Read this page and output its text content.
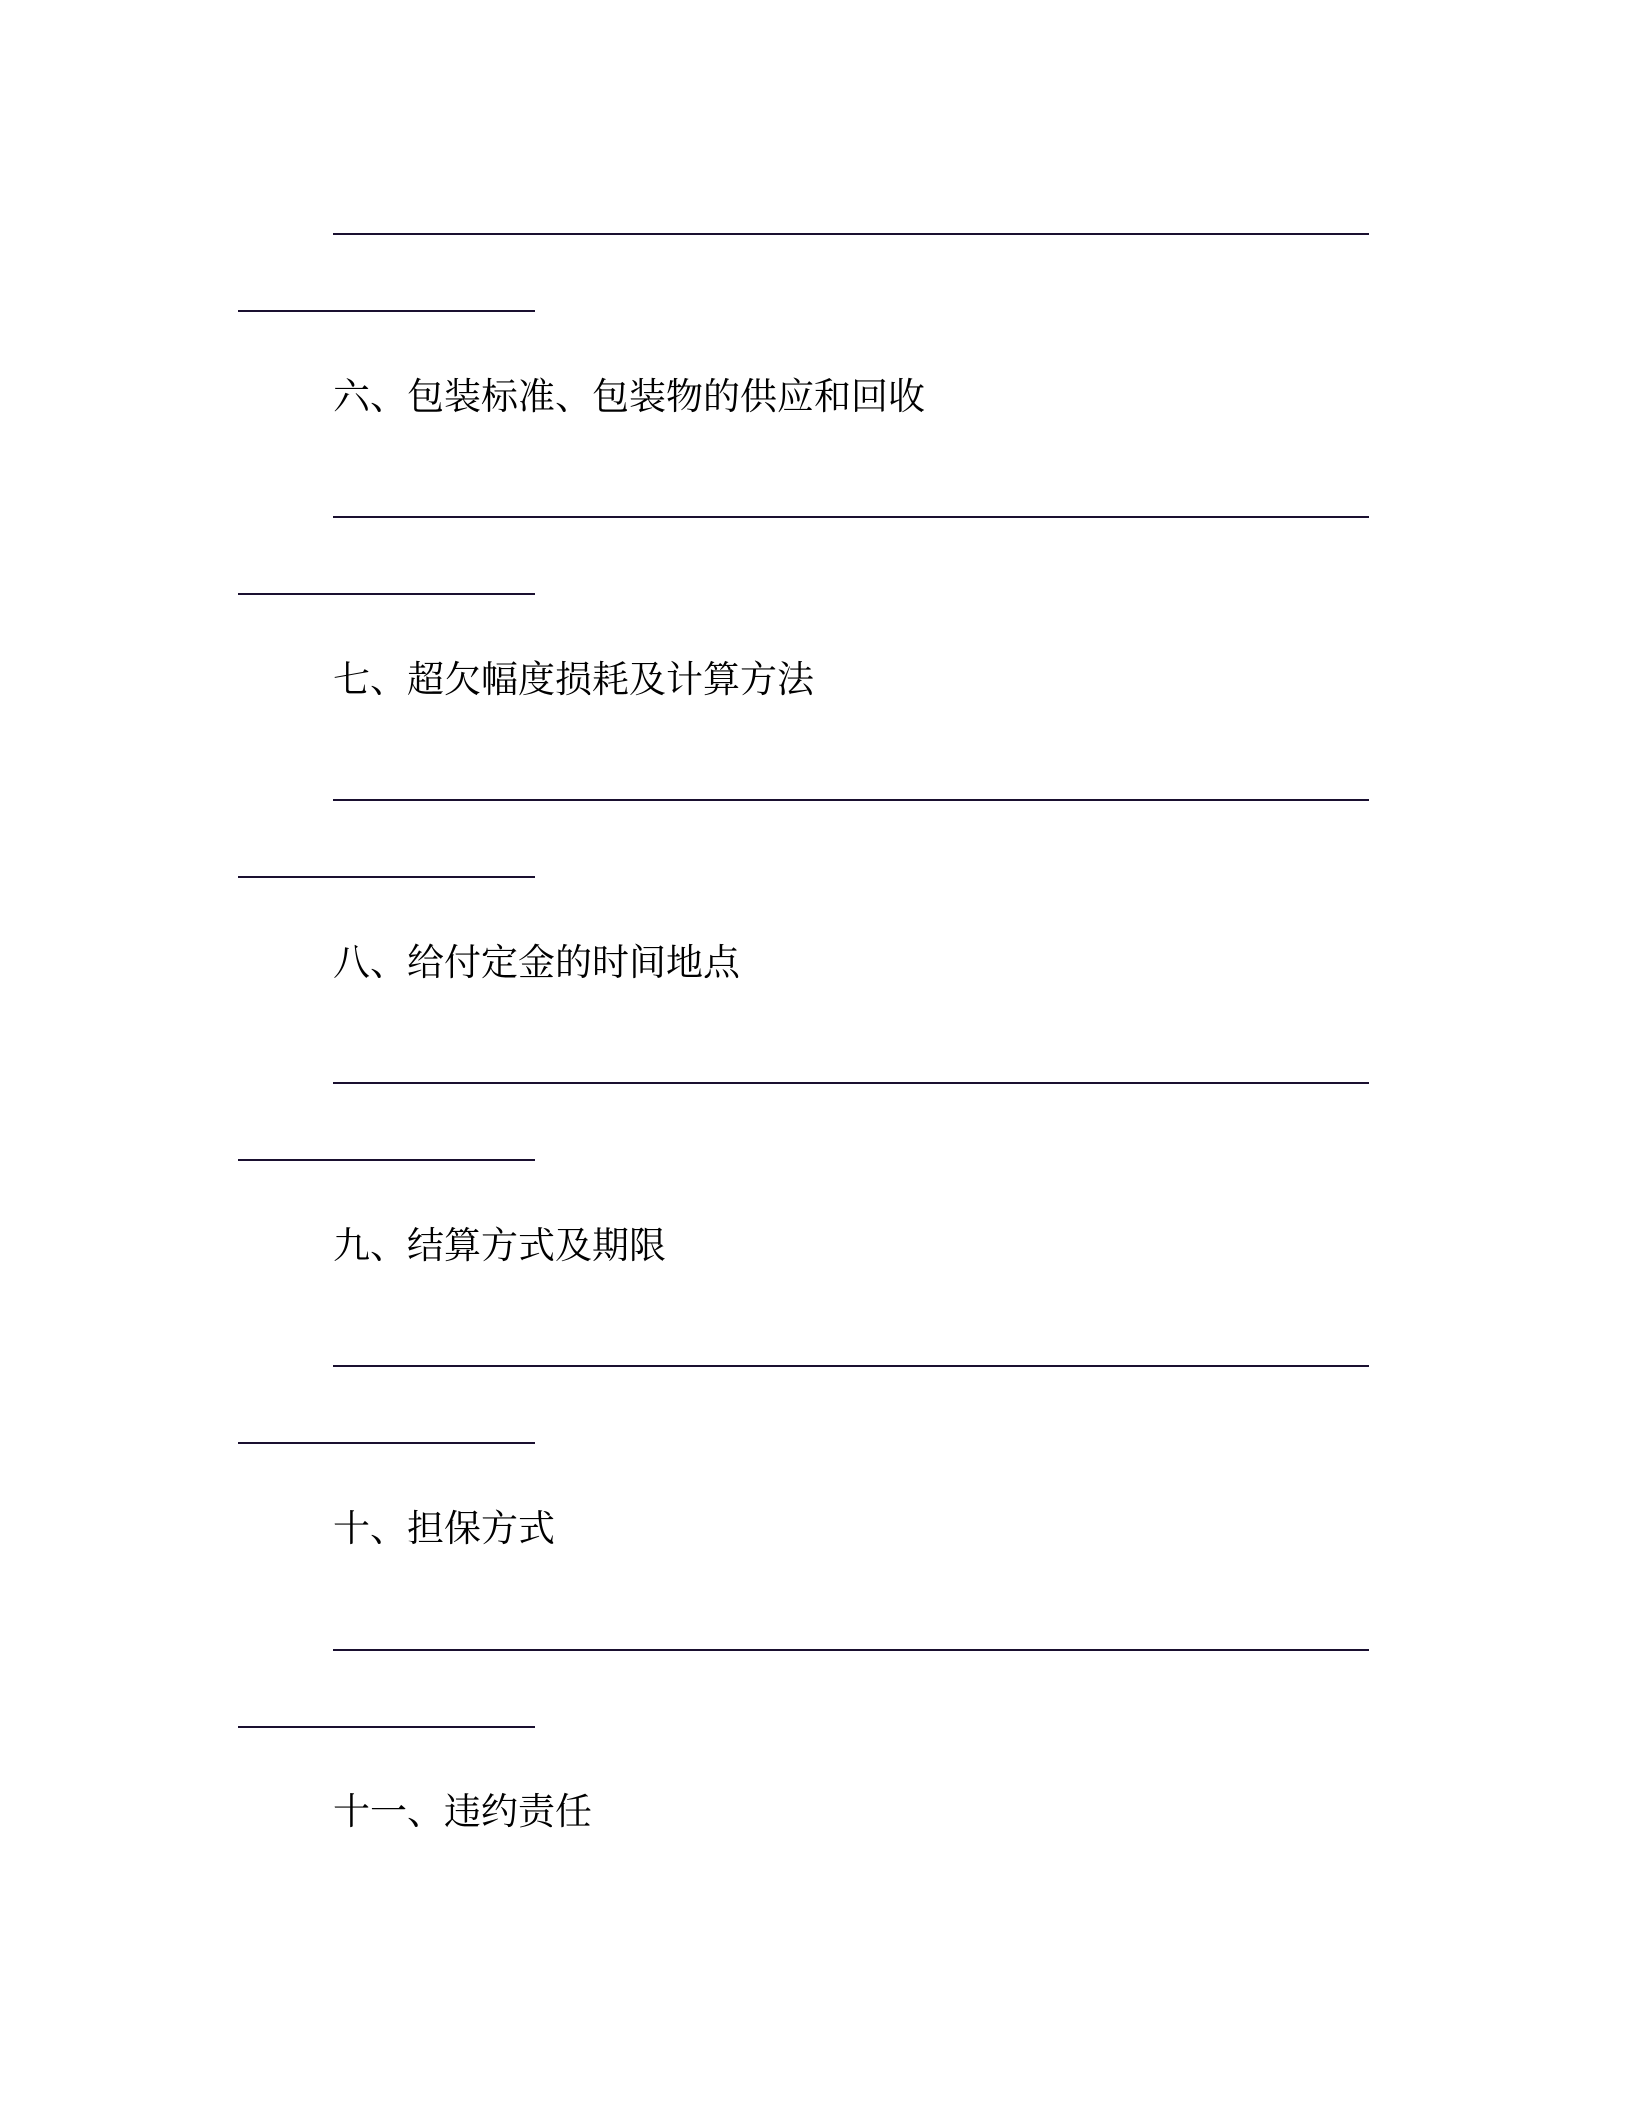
六、包装标准、包装物的供应和回收
七、超欠幅度损耗及计算方法
八、给付定金的时间地点
九、结算方式及期限
十、担保方式
十一、违约责任
